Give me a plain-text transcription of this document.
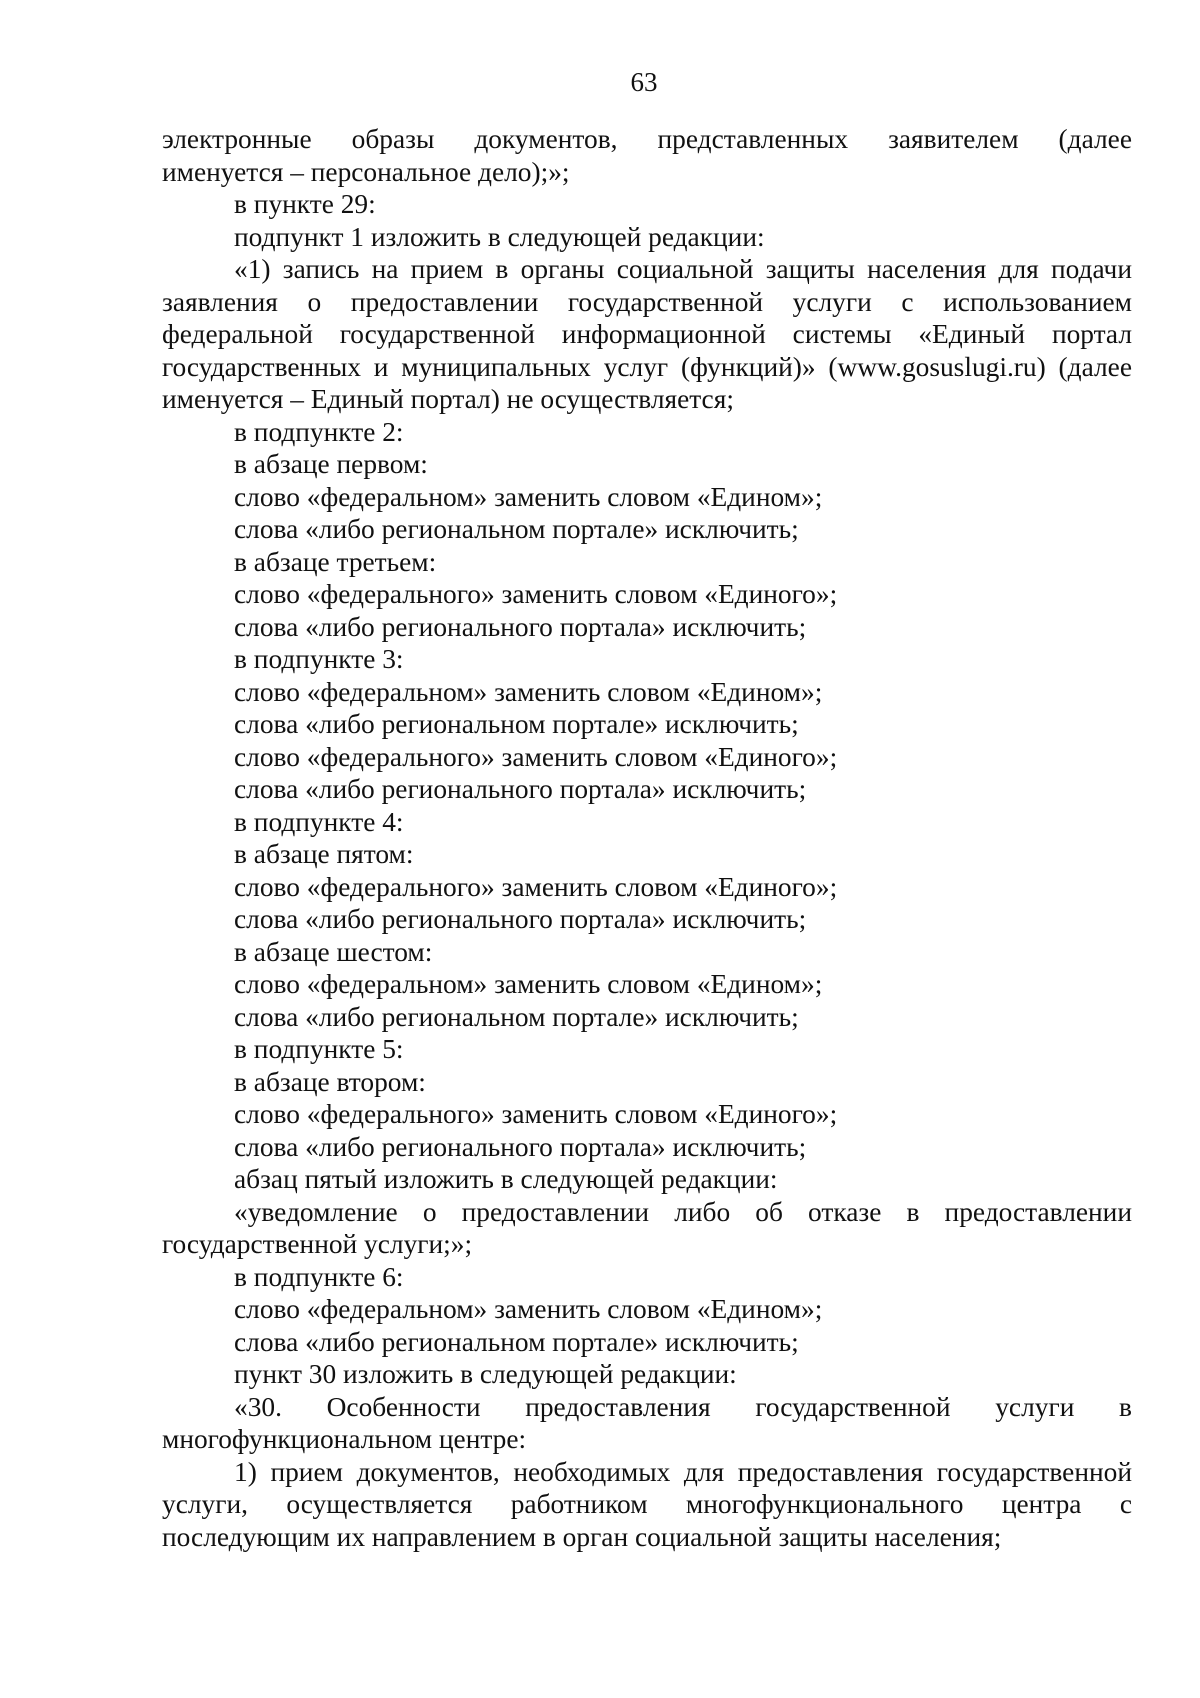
63
электронные образы документов, представленных заявителем (далее
именуется – персональное дело);»;
в пункте 29:
подпункт 1 изложить в следующей редакции:
«1) запись на прием в органы социальной защиты населения для подачи
заявления о предоставлении государственной услуги с использованием
федеральной государственной информационной системы «Единый портал
государственных и муниципальных услуг (функций)» (www.gosuslugi.ru) (далее
именуется – Единый портал) не осуществляется;
в подпункте 2:
в абзаце первом:
слово «федеральном» заменить словом «Едином»;
слова «либо региональном портале» исключить;
в абзаце третьем:
слово «федерального» заменить словом «Единого»;
слова «либо регионального портала» исключить;
в подпункте 3:
слово «федеральном» заменить словом «Едином»;
слова «либо региональном портале» исключить;
слово «федерального» заменить словом «Единого»;
слова «либо регионального портала» исключить;
в подпункте 4:
в абзаце пятом:
слово «федерального» заменить словом «Единого»;
слова «либо регионального портала» исключить;
в абзаце шестом:
слово «федеральном» заменить словом «Едином»;
слова «либо региональном портале» исключить;
в подпункте 5:
в абзаце втором:
слово «федерального» заменить словом «Единого»;
слова «либо регионального портала» исключить;
абзац пятый изложить в следующей редакции:
«уведомление о предоставлении либо об отказе в предоставлении
государственной услуги;»;
в подпункте 6:
слово «федеральном» заменить словом «Едином»;
слова «либо региональном портале» исключить;
пункт 30 изложить в следующей редакции:
«30. Особенности предоставления государственной услуги в
многофункциональном центре:
1) прием документов, необходимых для предоставления государственной
услуги, осуществляется работником многофункционального центра с
последующим их направлением в орган социальной защиты населения;
